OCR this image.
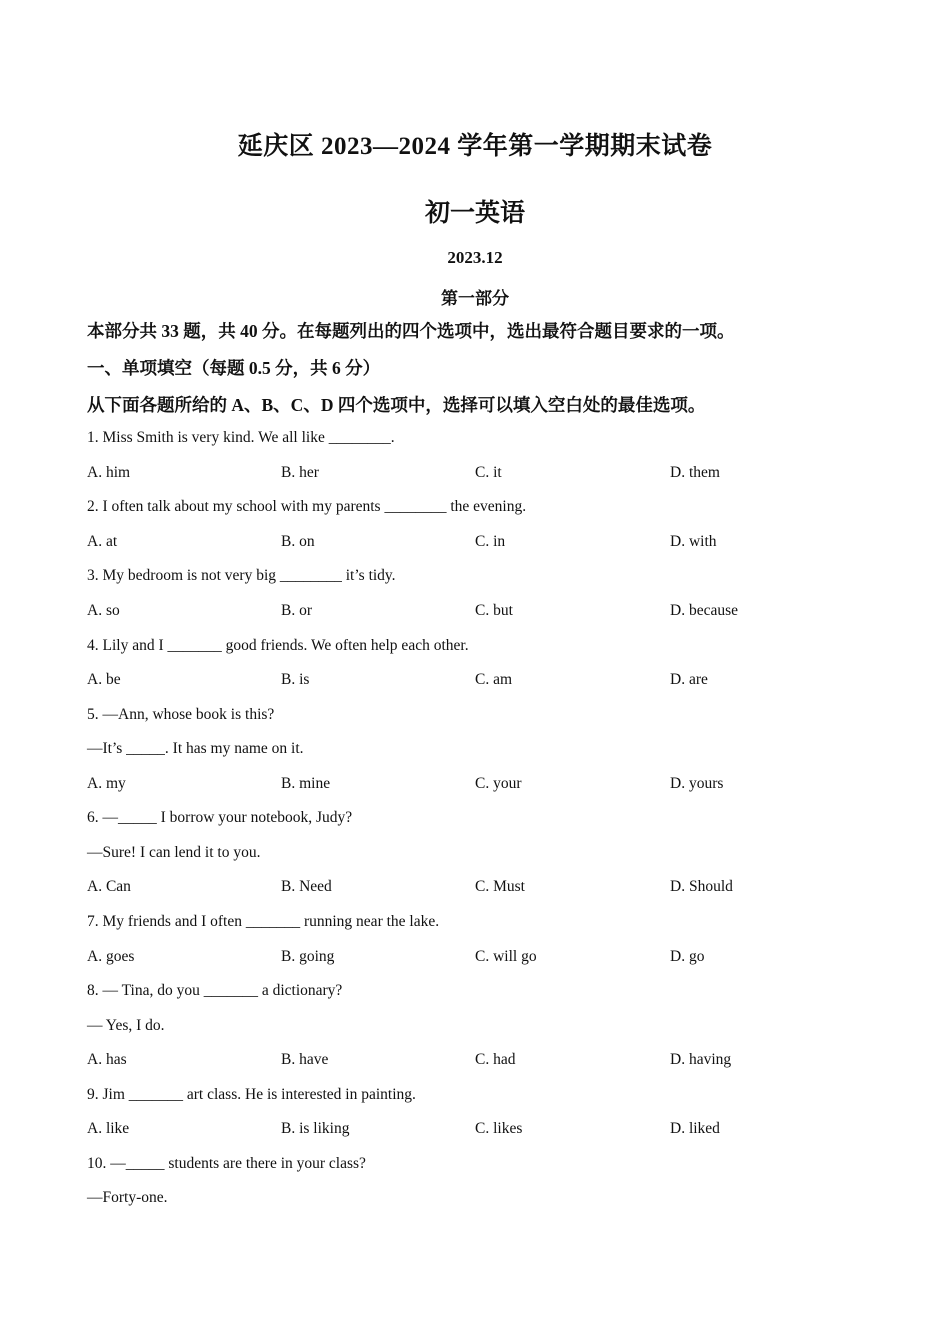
延庆区 2023—2024 学年第一学期期末试卷
初一英语
2023.12
第一部分
本部分共 33 题，共 40 分。在每题列出的四个选项中，选出最符合题目要求的一项。
一、单项填空（每题 0.5 分，共 6 分）
从下面各题所给的 A、B、C、D 四个选项中，选择可以填入空白处的最佳选项。
1. Miss Smith is very kind. We all like ________.
A. him	B. her	C. it	D. them
2. I often talk about my school with my parents ________ the evening.
A. at	B. on	C. in	D. with
3. My bedroom is not very big ________ it’s tidy.
A. so	B. or	C. but	D. because
4. Lily and I _______ good friends. We often help each other.
A. be	B. is	C. am	D. are
5. —Ann, whose book is this?
—It’s _____. It has my name on it.
A. my	B. mine	C. your	D. yours
6. —_____ I borrow your notebook, Judy?
—Sure! I can lend it to you.
A. Can	B. Need	C. Must	D. Should
7. My friends and I often _______ running near the lake.
A. goes	B. going	C. will go	D. go
8. — Tina, do you _______ a dictionary?
— Yes, I do.
A. has	B. have	C. had	D. having
9. Jim _______ art class. He is interested in painting.
A. like	B. is liking	C. likes	D. liked
10. —_____ students are there in your class?
—Forty-one.
